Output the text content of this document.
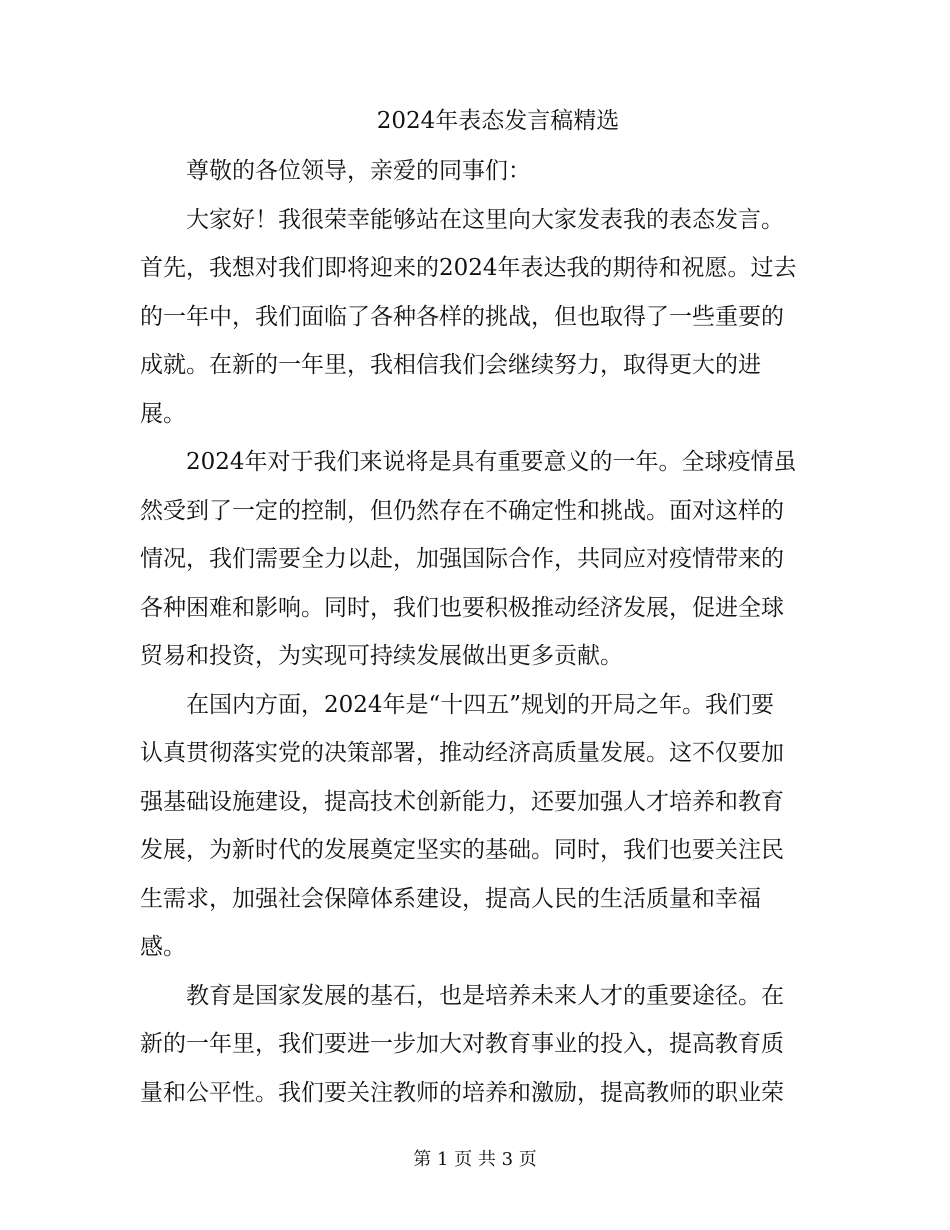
2024年表态发言稿精选
尊敬的各位领导，亲爱的同事们：
大家好！我很荣幸能够站在这里向大家发表我的表态发言。
首先，我想对我们即将迎来的2024年表达我的期待和祝愿。过去
的一年中，我们面临了各种各样的挑战，但也取得了一些重要的
成就。在新的一年里，我相信我们会继续努力，取得更大的进
展。
2024年对于我们来说将是具有重要意义的一年。全球疫情虽
然受到了一定的控制，但仍然存在不确定性和挑战。面对这样的
情况，我们需要全力以赴，加强国际合作，共同应对疫情带来的
各种困难和影响。同时，我们也要积极推动经济发展，促进全球
贸易和投资，为实现可持续发展做出更多贡献。
在国内方面，2024年是“十四五”规划的开局之年。我们要
认真贯彻落实党的决策部署，推动经济高质量发展。这不仅要加
强基础设施建设，提高技术创新能力，还要加强人才培养和教育
发展，为新时代的发展奠定坚实的基础。同时，我们也要关注民
生需求，加强社会保障体系建设，提高人民的生活质量和幸福
感。
教育是国家发展的基石，也是培养未来人才的重要途径。在
新的一年里，我们要进一步加大对教育事业的投入，提高教育质
量和公平性。我们要关注教师的培养和激励，提高教师的职业荣
第 1 页 共 3 页
